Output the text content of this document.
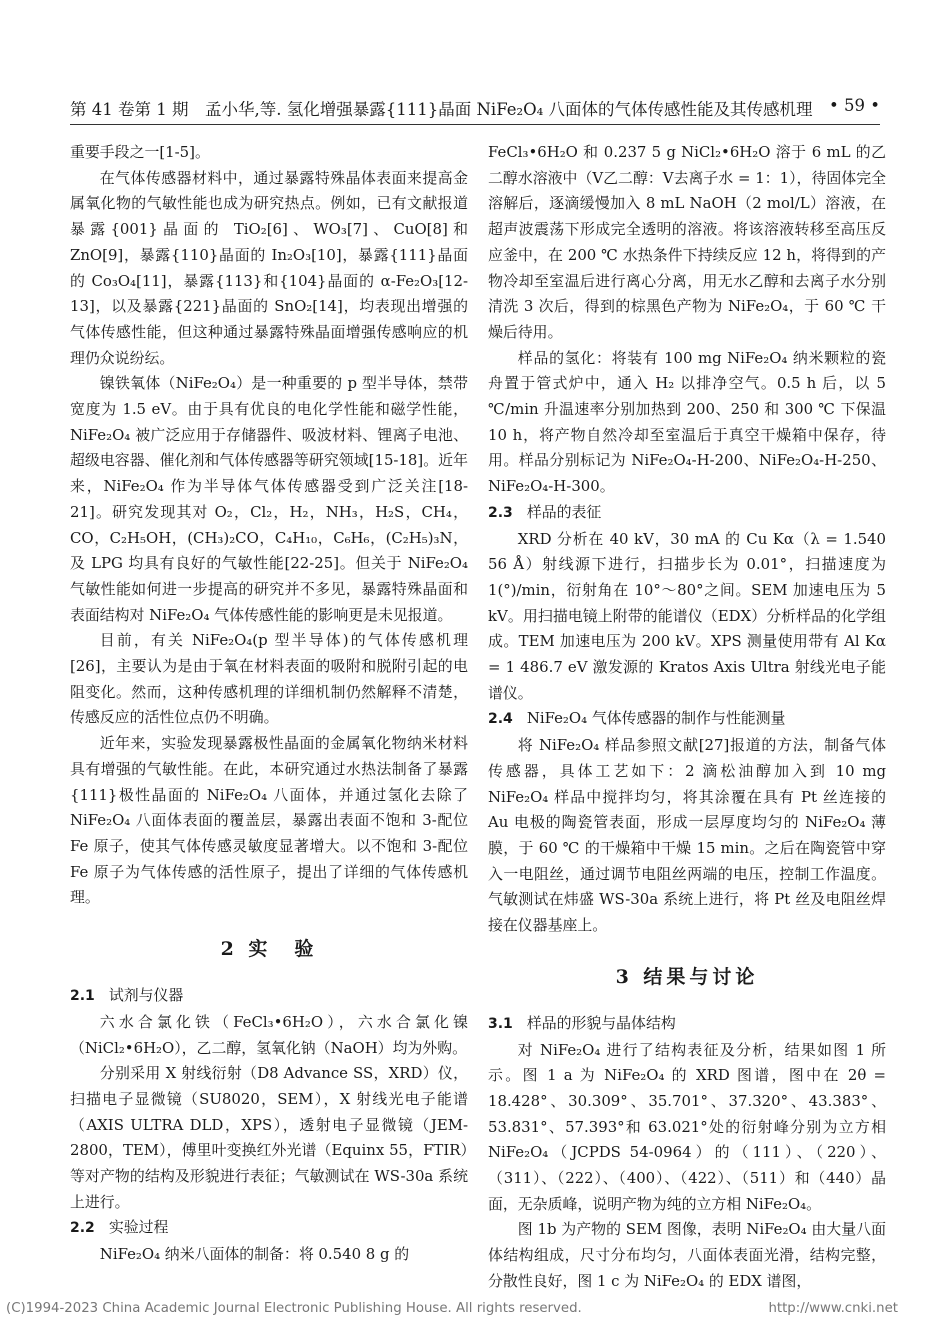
第 41 卷第 1 期 孟小华,等. 氢化增强暴露{111}晶面 NiFe₂O₄ 八面体的气体传感性能及其传感机理 • 59 •

重要手段之一[1-5]。

在气体传感器材料中，通过暴露特殊晶体表面来提高金属氧化物的气敏性能也成为研究热点。例如，已有文献报道暴露{001}晶面的 TiO₂[6]、WO₃[7]、CuO[8]和 ZnO[9]，暴露{110}晶面的 In₂O₃[10]，暴露{111}晶面的 Co₃O₄[11]，暴露{113}和{104}晶面的 α-Fe₂O₃[12-13]，以及暴露{221}晶面的 SnO₂[14]，均表现出增强的气体传感性能，但这种通过暴露特殊晶面增强传感响应的机理仍众说纷纭。

镍铁氧体（NiFe₂O₄）是一种重要的 p 型半导体，禁带宽度为 1.5 eV。由于具有优良的电化学性能和磁学性能，NiFe₂O₄ 被广泛应用于存储器件、吸波材料、锂离子电池、超级电容器、催化剂和气体传感器等研究领域[15-18]。近年来，NiFe₂O₄ 作为半导体气体传感器受到广泛关注[18-21]。研究发现其对 O₂，Cl₂，H₂，NH₃，H₂S，CH₄，CO，C₂H₅OH，(CH₃)₂CO，C₄H₁₀，C₆H₆，(C₂H₅)₃N，及 LPG 均具有良好的气敏性能[22-25]。但关于 NiFe₂O₄ 气敏性能如何进一步提高的研究并不多见，暴露特殊晶面和表面结构对 NiFe₂O₄ 气体传感性能的影响更是未见报道。

目前，有关 NiFe₂O₄(p 型半导体)的气体传感机理[26]，主要认为是由于氧在材料表面的吸附和脱附引起的电阻变化。然而，这种传感机理的详细机制仍然解释不清楚，传感反应的活性位点仍不明确。

近年来，实验发现暴露极性晶面的金属氧化物纳米材料具有增强的气敏性能。在此，本研究通过水热法制备了暴露{111}极性晶面的 NiFe₂O₄ 八面体，并通过氢化去除了 NiFe₂O₄ 八面体表面的覆盖层，暴露出表面不饱和 3-配位 Fe 原子，使其气体传感灵敏度显著增大。以不饱和 3-配位 Fe 原子为气体传感的活性原子，提出了详细的气体传感机理。

2 实　验

2.1 试剂与仪器

六水合氯化铁（FeCl₃•6H₂O），六水合氯化镍（NiCl₂•6H₂O），乙二醇，氢氧化钠（NaOH）均为外购。

分别采用 X 射线衍射（D8 Advance SS，XRD）仪，扫描电子显微镜（SU8020，SEM），X 射线光电子能谱（AXIS ULTRA DLD，XPS），透射电子显微镜（JEM-2800，TEM），傅里叶变换红外光谱（Equinx 55，FTIR）等对产物的结构及形貌进行表征；气敏测试在 WS-30a 系统上进行。

2.2 实验过程

NiFe₂O₄ 纳米八面体的制备：将 0.540 8 g 的

FeCl₃•6H₂O 和 0.237 5 g NiCl₂•6H₂O 溶于 6 mL 的乙二醇水溶液中（V乙二醇：V去离子水 = 1：1），待固体完全溶解后，逐滴缓慢加入 8 mL NaOH（2 mol/L）溶液，在超声波震荡下形成完全透明的溶液。将该溶液转移至高压反应釜中，在 200 ℃ 水热条件下持续反应 12 h，将得到的产物冷却至室温后进行离心分离，用无水乙醇和去离子水分别清洗 3 次后，得到的棕黑色产物为 NiFe₂O₄，于 60 ℃ 干燥后待用。

样品的氢化：将装有 100 mg NiFe₂O₄ 纳米颗粒的瓷舟置于管式炉中，通入 H₂ 以排净空气。0.5 h 后，以 5 ℃/min 升温速率分别加热到 200、250 和 300 ℃ 下保温 10 h，将产物自然冷却至室温后于真空干燥箱中保存，待用。样品分别标记为 NiFe₂O₄-H-200、NiFe₂O₄-H-250、NiFe₂O₄-H-300。

2.3 样品的表征

XRD 分析在 40 kV，30 mA 的 Cu Kα（λ = 1.540 56 Å）射线源下进行，扫描步长为 0.01°，扫描速度为 1(°)/min，衍射角在 10°～80°之间。SEM 加速电压为 5 kV。用扫描电镜上附带的能谱仪（EDX）分析样品的化学组成。TEM 加速电压为 200 kV。XPS 测量使用带有 Al Kα = 1 486.7 eV 激发源的 Kratos Axis Ultra 射线光电子能谱仪。

2.4 NiFe₂O₄ 气体传感器的制作与性能测量

将 NiFe₂O₄ 样品参照文献[27]报道的方法，制备气体传感器，具体工艺如下：2 滴松油醇加入到 10 mg NiFe₂O₄ 样品中搅拌均匀，将其涂覆在具有 Pt 丝连接的 Au 电极的陶瓷管表面，形成一层厚度均匀的 NiFe₂O₄ 薄膜，于 60 ℃ 的干燥箱中干燥 15 min。之后在陶瓷管中穿入一电阻丝，通过调节电阻丝两端的电压，控制工作温度。气敏测试在炜盛 WS-30a 系统上进行，将 Pt 丝及电阻丝焊接在仪器基座上。

3 结果与讨论

3.1 样品的形貌与晶体结构

对 NiFe₂O₄ 进行了结构表征及分析，结果如图 1 所示。图 1 a 为 NiFe₂O₄ 的 XRD 图谱，图中在 2θ = 18.428°、30.309°、35.701°、37.320°、43.383°、53.831°、57.393°和 63.021°处的衍射峰分别为立方相 NiFe₂O₄（JCPDS 54-0964）的（111）、（220）、（311）、（222）、（400）、（422）、（511）和（440）晶面，无杂质峰，说明产物为纯的立方相 NiFe₂O₄。

图 1b 为产物的 SEM 图像，表明 NiFe₂O₄ 由大量八面体结构组成，尺寸分布均匀，八面体表面光滑，结构完整，分散性良好，图 1 c 为 NiFe₂O₄ 的 EDX 谱图，

(C)1994-2023 China Academic Journal Electronic Publishing House. All rights reserved.	http://www.cnki.net
